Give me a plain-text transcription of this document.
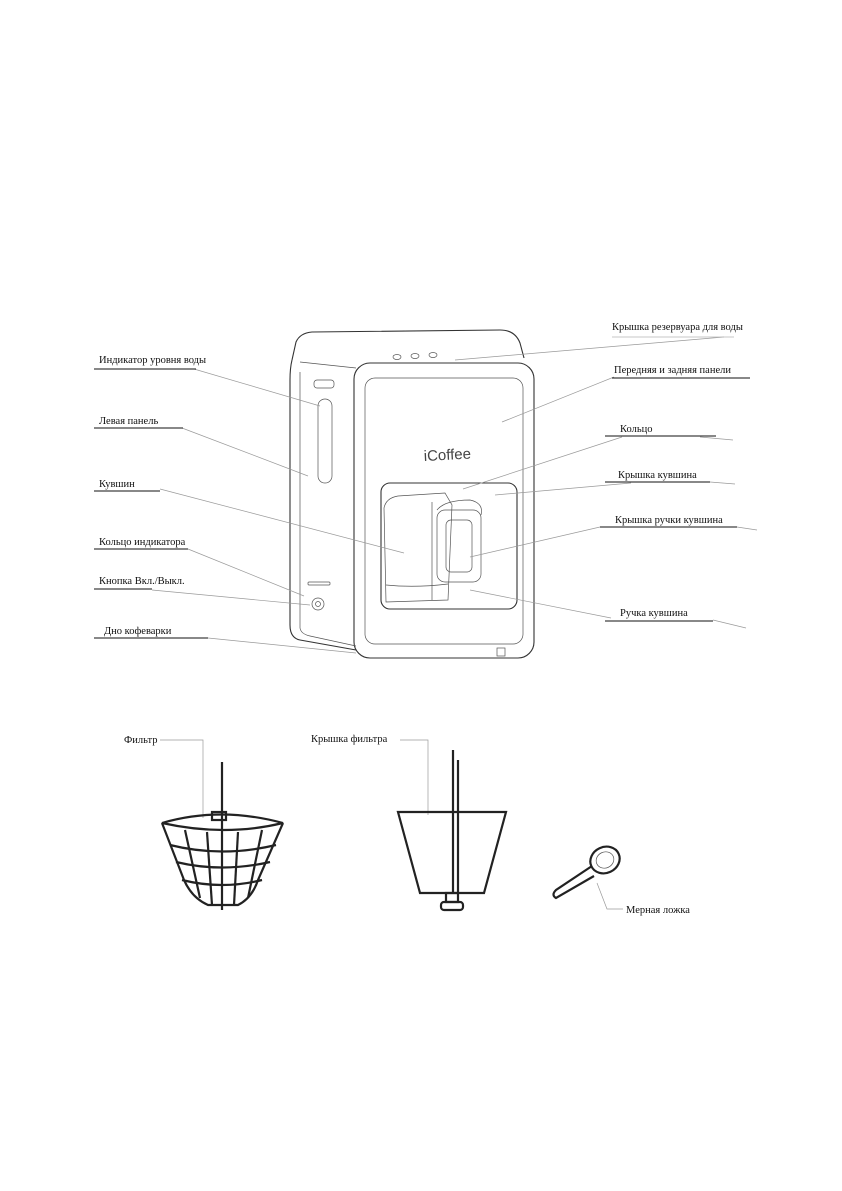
iCoffee
Крышка резервуара для воды
Передняя и задняя панели
Кольцо
Крышка кувшина
Крышка ручки кувшина
Ручка кувшина
Индикатор уровня воды
Левая панель
Кувшин
Кольцо индикатора
Кнопка Вкл./Выкл.
Дно кофеварки
Фильтр	Крышка фильтра
Мерная ложка
